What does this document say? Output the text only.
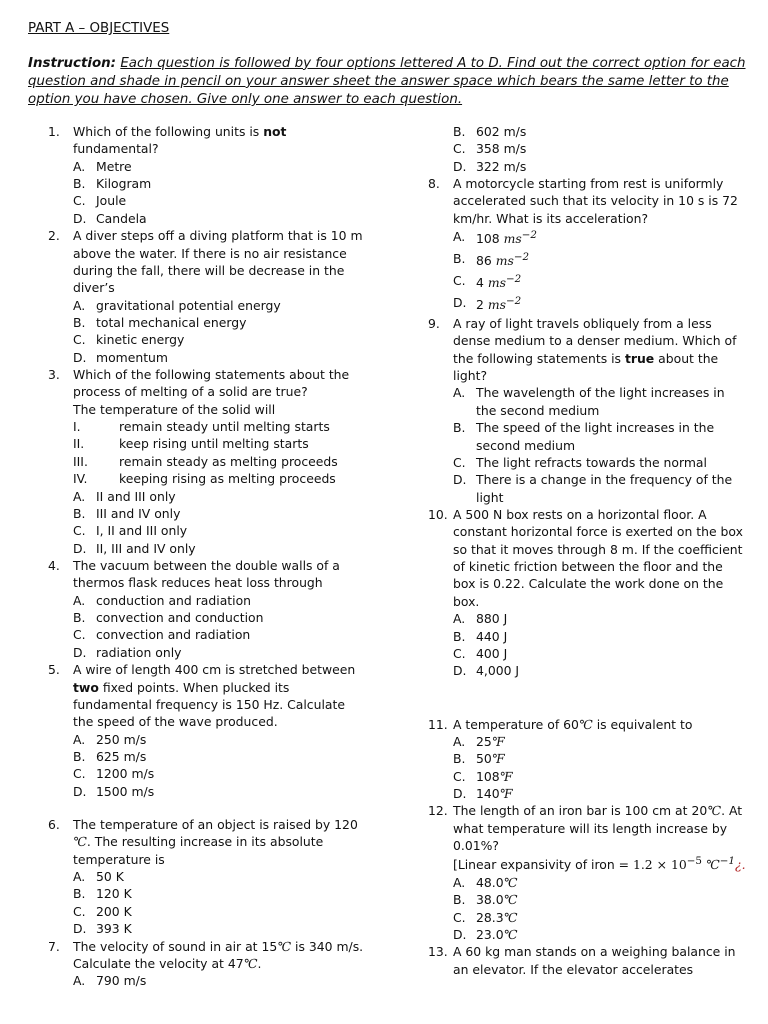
PART A – OBJECTIVES
Instruction: Each question is followed by four options lettered A to D. Find out the correct option for each question and shade in pencil on your answer sheet the answer space which bears the same letter to the option you have chosen. Give only one answer to each question.
1.	Which of the following units is not fundamental?
A. Metre
B. Kilogram
C. Joule
D. Candela
2.	A diver steps off a diving platform that is 10 m above the water. If there is no air resistance during the fall, there will be decrease in the diver’s
A. gravitational potential energy
B. total mechanical energy
C. kinetic energy
D. momentum
3.	Which of the following statements about the process of melting of a solid are true?
The temperature of the solid will
I.	remain steady until melting starts
II.	keep rising until melting starts
III.	remain steady as melting proceeds
IV.	keeping rising as melting proceeds
A. II and III only
B. III and IV only
C. I, II and III only
D. II, III and IV only
4.	The vacuum between the double walls of a thermos flask reduces heat loss through
A. conduction and radiation
B. convection and conduction
C. convection and radiation
D. radiation only
5.	A wire of length 400 cm is stretched between two fixed points. When plucked its fundamental frequency is 150 Hz. Calculate the speed of the wave produced.
A. 250 m/s
B. 625 m/s
C. 1200 m/s
D. 1500 m/s
6.	The temperature of an object is raised by 120 ℃. The resulting increase in its absolute temperature is
A. 50 K
B. 120 K
C. 200 K
D. 393 K
7.	The velocity of sound in air at 15℃ is 340 m/s. Calculate the velocity at 47℃.
A. 790 m/s
B. 602 m/s
C. 358 m/s
D. 322 m/s
8.	A motorcycle starting from rest is uniformly accelerated such that its velocity in 10 s is 72 km/hr. What is its acceleration?
A. 108 $ms^{-2}$
B. 86 $ms^{-2}$
C. 4 $ms^{-2}$
D. 2 $ms^{-2}$
9.	A ray of light travels obliquely from a less dense medium to a denser medium. Which of the following statements is true about the light?
A. The wavelength of the light increases in the second medium
B. The speed of the light increases in the second medium
C. The light refracts towards the normal
D. There is a change in the frequency of the light
10. A 500 N box rests on a horizontal floor. A constant horizontal force is exerted on the box so that it moves through 8 m. If the coefficient of kinetic friction between the floor and the box is 0.22. Calculate the work done on the box.
A. 880 J
B. 440 J
C. 400 J
D. 4,000 J
11. A temperature of 60℃ is equivalent to
A. 25℉
B. 50℉
C. 108℉
D. 140℉
12. The length of an iron bar is 100 cm at 20℃. At what temperature will its length increase by 0.01%?
[Linear expansivity of iron = $1.2 \times 10^{-5}$ ℃$^{-1}$¿.
A. 48.0℃
B. 38.0℃
C. 28.3℃
D. 23.0℃
13. A 60 kg man stands on a weighing balance in an elevator. If the elevator accelerates
